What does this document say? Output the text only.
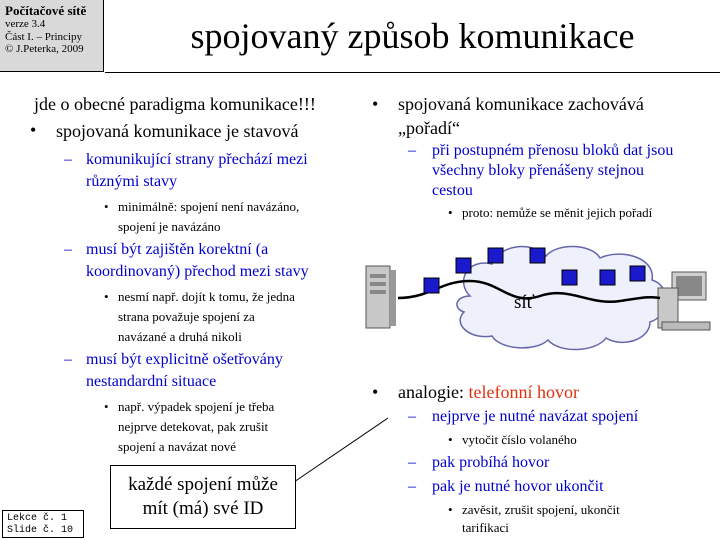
Počítačové sítě
verze 3.4
Část I. – Principy
© J.Peterka, 2009	spojovaný způsob komunikace
jde o obecné paradigma komunikace!!!
• spojovaná komunikace je stavová
– komunikující strany přechází mezi
různými stavy
• minimálně: spojení není navázáno,
spojení je navázáno
– musí být zajištěn korektní (a
koordinovaný) přechod mezi stavy
• nesmí např. dojít k tomu, že jedna
strana považuje spojení za
navázané a druhá nikoli
– musí být explicitně ošetřovány
nestandardní situace
• např. výpadek spojení je třeba
nejprve detekovat, pak zrušit
spojení a navázat nové
• spojovaná komunikace zachovává
„pořadí“
– při postupném přenosu bloků dat jsou
všechny bloky přenášeny stejnou
cestou
• proto: nemůže se měnit jejich pořadí
síť
• analogie: telefonní hovor
– nejprve je nutné navázat spojení
• vytočit číslo volaného
– pak probíhá hovor
– pak je nutné hovor ukončit
• zavěsit, zrušit spojení, ukončit
tarifikaci
každé spojení může
mít (má) své ID
Lekce č. 1
Slide č. 10
